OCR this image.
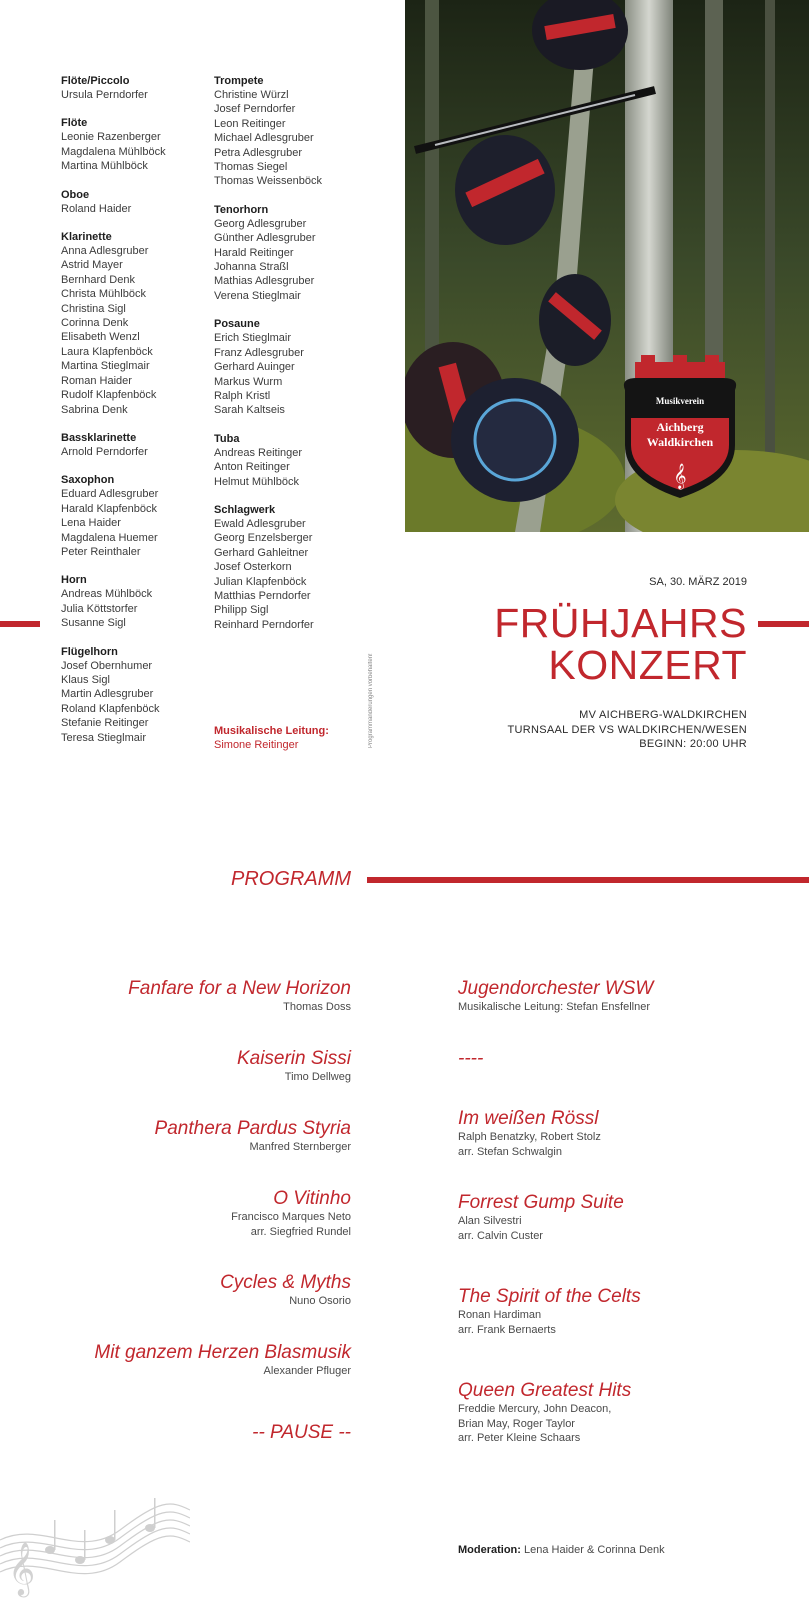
Flöte/Piccolo
Ursula Perndorfer
Flöte
Leonie Razenberger
Magdalena Mühlböck
Martina Mühlböck
Oboe
Roland Haider
Klarinette
Anna Adlesgruber
Astrid Mayer
Bernhard Denk
Christa Mühlböck
Christina Sigl
Corinna Denk
Elisabeth Wenzl
Laura Klapfenböck
Martina Stieglmair
Roman Haider
Rudolf Klapfenböck
Sabrina Denk
Bassklarinette
Arnold Perndorfer
Saxophon
Eduard Adlesgruber
Harald Klapfenböck
Lena Haider
Magdalena Huemer
Peter Reinthaler
Horn
Andreas Mühlböck
Julia Köttstorfer
Susanne Sigl
Flügelhorn
Josef Obernhumer
Klaus Sigl
Martin Adlesgruber
Roland Klapfenböck
Stefanie Reitinger
Teresa Stieglmair
Trompete
Christine Würzl
Josef Perndorfer
Leon Reitinger
Michael Adlesgruber
Petra Adlesgruber
Thomas Siegel
Thomas Weissenböck
Tenorhorn
Georg Adlesgruber
Günther Adlesgruber
Harald Reitinger
Johanna Straßl
Mathias Adlesgruber
Verena Stieglmair
Posaune
Erich Stieglmair
Franz Adlesgruber
Gerhard Auinger
Markus Wurm
Ralph Kristl
Sarah Kaltseis
Tuba
Andreas Reitinger
Anton Reitinger
Helmut Mühlböck
Schlagwerk
Ewald Adlesgruber
Georg Enzelsberger
Gerhard Gahleitner
Josef Osterkorn
Julian Klapfenböck
Matthias Perndorfer
Philipp Sigl
Reinhard Perndorfer
Musikalische Leitung:
Simone Reitinger	Programmänderungen vorbehalten!
Musikverein
Aichberg
Waldkirchen
𝄞
SA, 30. MÄRZ 2019
FRÜHJAHRS
KONZERT
MV AICHBERG-WALDKIRCHEN
TURNSAAL DER VS WALDKIRCHEN/WESEN
BEGINN: 20:00 UHR
PROGRAMM
Fanfare for a New Horizon
Thomas Doss
Kaiserin Sissi
Timo Dellweg
Panthera Pardus Styria
Manfred Sternberger
O Vitinho
Francisco Marques Neto
arr. Siegfried Rundel
Cycles & Myths
Nuno Osorio
Mit ganzem Herzen Blasmusik
Alexander Pfluger
-- PAUSE --
Jugendorchester WSW
Musikalische Leitung: Stefan Ensfellner
----
Im weißen Rössl
Ralph Benatzky, Robert Stolz
arr. Stefan Schwalgin
Forrest Gump Suite
Alan Silvestri
arr. Calvin Custer
The Spirit of the Celts
Ronan Hardiman
arr. Frank Bernaerts
Queen Greatest Hits
Freddie Mercury, John Deacon,
Brian May, Roger Taylor
arr. Peter Kleine Schaars
Moderation: Lena Haider & Corinna Denk
𝄞
